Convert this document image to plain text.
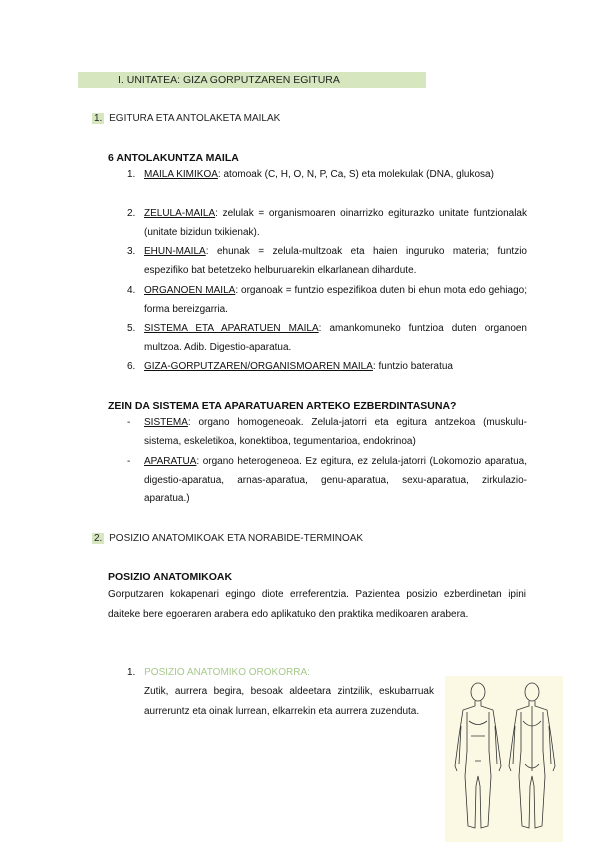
I. UNITATEA: GIZA GORPUTZAREN EGITURA
1. EGITURA ETA ANTOLAKETA MAILAK
6 ANTOLAKUNTZA MAILA
1. MAILA KIMIKOA: atomoak (C, H, O, N, P, Ca, S) eta molekulak (DNA, glukosa)
2. ZELULA-MAILA: zelulak = organismoaren oinarrizko egiturazko unitate funtzionalak (unitate bizidun txikienak).
3. EHUN-MAILA: ehunak = zelula-multzoak eta haien inguruko materia; funtzio espezifiko bat betetzeko helburuarekin elkarlanean dihardute.
4. ORGANOEN MAILA: organoak = funtzio espezifikoa duten bi ehun mota edo gehiago; forma bereizgarria.
5. SISTEMA ETA APARATUEN MAILA: amankomuneko funtzioa duten organoen multzoa. Adib. Digestio-aparatua.
6. GIZA-GORPUTZAREN/ORGANISMOAREN MAILA: funtzio bateratua
ZEIN DA SISTEMA ETA APARATUAREN ARTEKO EZBERDINTASUNA?
- SISTEMA: organo homogeneoak. Zelula-jatorri eta egitura antzekoa (muskulu-sistema, eskeletikoa, konektiboa, tegumentarioa, endokrinoa)
- APARATUA: organo heterogeneoa. Ez egitura, ez zelula-jatorri (Lokomozio aparatua, digestio-aparatua, arnas-aparatua, genu-aparatua, sexu-aparatua, zirkulazio-aparatua.)
2. POSIZIO ANATOMIKOAK ETA NORABIDE-TERMINOAK
POSIZIO ANATOMIKOAK
Gorputzaren kokapenari egingo diote erreferentzia. Pazientea posizio ezberdinetan ipini daiteke bere egoeraren arabera edo aplikatuko den praktika medikoaren arabera.
1. POSIZIO ANATOMIKO OROKORRA:
Zutik, aurrera begira, besoak aldeetara zintzilik, eskubarruak aurreruntz eta oinak lurrean, elkarrekin eta aurrera zuzenduta.
